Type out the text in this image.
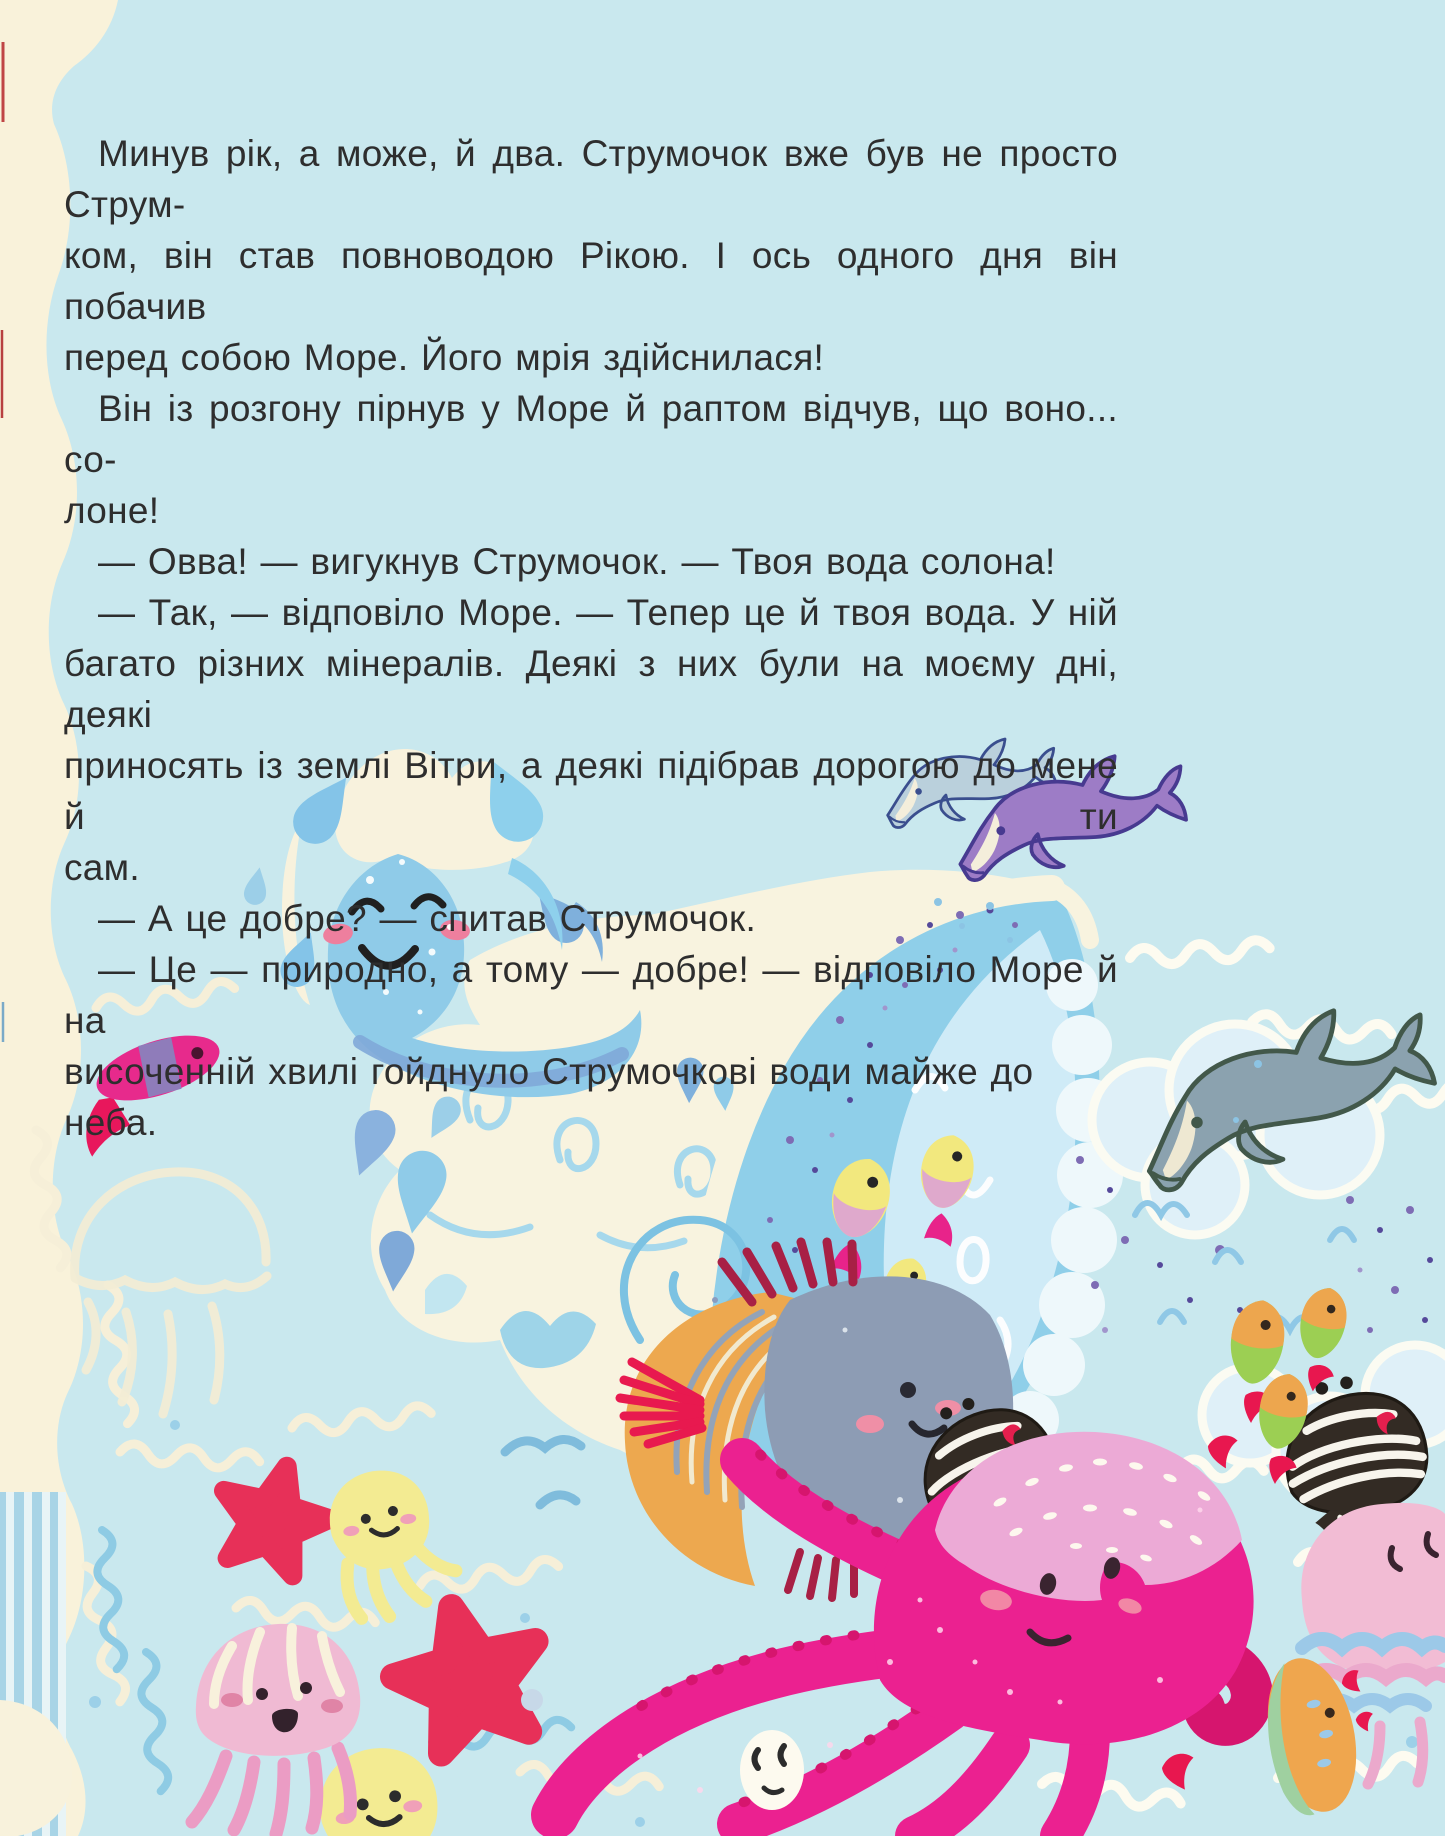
Минув рік, а може, й два. Струмочок вже був не просто Струм-

ком, він став повноводою Рікою. І ось одного дня він побачив

перед собою Море. Його мрія здійснилася!

Він із розгону пірнув у Море й раптом відчув, що воно... со-

лоне!

— Овва! — вигукнув Струмочок. — Твоя вода солона!

— Так, — відповіло Море. — Тепер це й твоя вода. У ній

багато різних мінералів. Деякі з них були на моєму дні, деякі

приносять із землі Вітри, а деякі підібрав дорогою до мене й ти

сам.

— А це добре? — спитав Струмочок.

— Це — природно, а тому — добре! — відповіло Море й на

височенній хвилі гойднуло Струмочкові води майже до неба.
